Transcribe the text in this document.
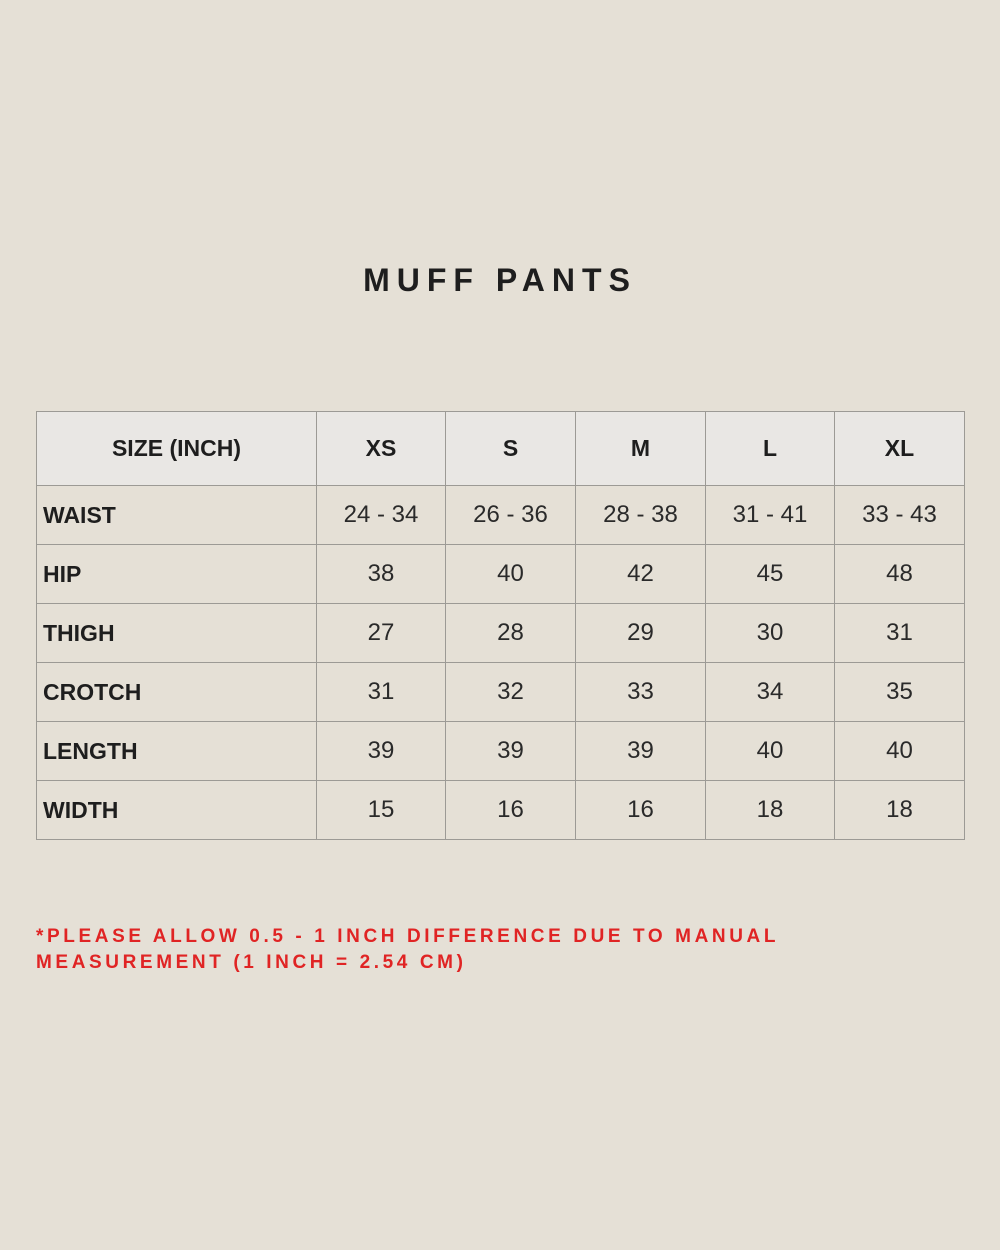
MUFF PANTS
SIZE (INCH)	XS	S	M	L	XL
WAIST	24 - 34	26 - 36	28 - 38	31 - 41	33 - 43
HIP	38	40	42	45	48
THIGH	27	28	29	30	31
CROTCH	31	32	33	34	35
LENGTH	39	39	39	40	40
WIDTH	15	16	16	18	18
*PLEASE ALLOW 0.5 - 1 INCH DIFFERENCE DUE TO MANUAL
MEASUREMENT (1 INCH = 2.54 CM)
